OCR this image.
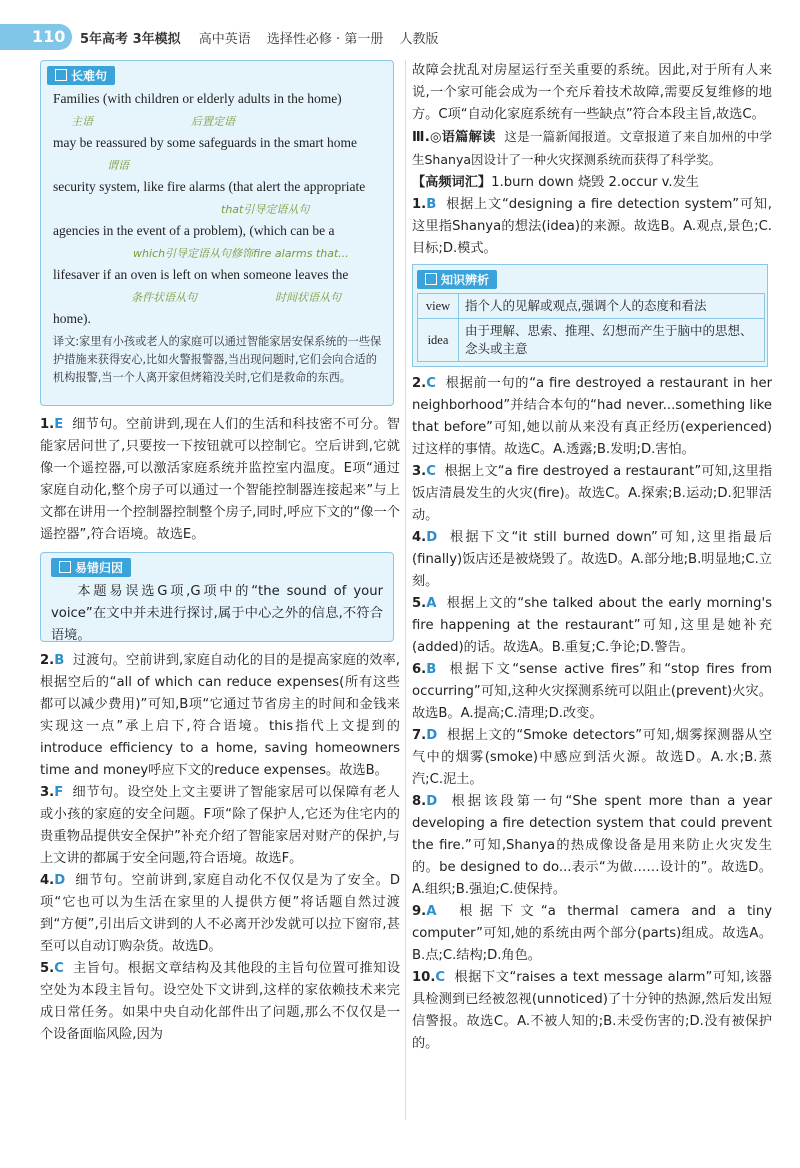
110	5年高考 3年模拟 高中英语 选择性必修 · 第一册 人教版
长难句
Families (with children or elderly adults in the home)
主语	后置定语
may be reassured by some safeguards in the smart home
谓语
security system, like fire alarms (that alert the appropriate
that引导定语从句
agencies in the event of a problem), (which can be a
which引导定语从句修饰fire alarms that...
lifesaver if an oven is left on when someone leaves the
条件状语从句	时间状语从句
home).
译文:家里有小孩或老人的家庭可以通过智能家居安保系统的一些保护措施来获得安心,比如火警报警器,当出现问题时,它们会向合适的机构报警,当一个人离开家但烤箱没关时,它们是救命的东西。

1.E 细节句。空前讲到,现在人们的生活和科技密不可分。智能家居问世了,只要按一下按钮就可以控制它。空后讲到,它就像一个遥控器,可以激活家庭系统并监控室内温度。E项“通过家庭自动化,整个房子可以通过一个智能控制器连接起来”与上文都在讲用一个控制器控制整个房子,同时,呼应下文的“像一个遥控器”,符合语境。故选E。

易错归因

本题易误选G项,G项中的“the sound of your voice”在文中并未进行探讨,属于中心之外的信息,不符合语境。

2.B 过渡句。空前讲到,家庭自动化的目的是提高家庭的效率,根据空后的“all of which can reduce expenses(所有这些都可以减少费用)”可知,B项“它通过节省房主的时间和金钱来实现这一点”承上启下,符合语境。this指代上文提到的introduce efficiency to a home, saving homeowners time and money呼应下文的reduce expenses。故选B。

3.F 细节句。设空处上文主要讲了智能家居可以保障有老人或小孩的家庭的安全问题。F项“除了保护人,它还为住宅内的贵重物品提供安全保护”补充介绍了智能家居对财产的保护,与上文讲的都属于安全问题,符合语境。故选F。

4.D 细节句。空前讲到,家庭自动化不仅仅是为了安全。D项“它也可以为生活在家里的人提供方便”将话题自然过渡到“方便”,引出后文讲到的人不必离开沙发就可以拉下窗帘,甚至可以自动订购杂货。故选D。

5.C 主旨句。根据文章结构及其他段的主旨句位置可推知设空处为本段主旨句。设空处下文讲到,这样的家依赖技术来完成日常任务。如果中央自动化部件出了问题,那么不仅仅是一个设备面临风险,因为

故障会扰乱对房屋运行至关重要的系统。因此,对于所有人来说,一个家可能会成为一个充斥着技术故障,需要反复维修的地方。C项“自动化家庭系统有一些缺点”符合本段主旨,故选C。

Ⅲ.◎语篇解读 这是一篇新闻报道。文章报道了来自加州的中学生Shanya因设计了一种火灾探测系统而获得了科学奖。

【高频词汇】1.burn down 烧毁 2.occur v.发生

1.B 根据上文“designing a fire detection system”可知,这里指Shanya的想法(idea)的来源。故选B。A.观点,景色;C.目标;D.模式。

知识辨析
view	指个人的见解或观点,强调个人的态度和看法
idea	由于理解、思索、推理、幻想而产生于脑中的思想、念头或主意

2.C 根据前一句的“a fire destroyed a restaurant in her neighborhood”并结合本句的“had never...something like that before”可知,她以前从来没有真正经历(experienced)过这样的事情。故选C。A.透露;B.发明;D.害怕。

3.C 根据上文“a fire destroyed a restaurant”可知,这里指饭店清晨发生的火灾(fire)。故选C。A.探索;B.运动;D.犯罪活动。

4.D 根据下文“it still burned down”可知,这里指最后(finally)饭店还是被烧毁了。故选D。A.部分地;B.明显地;C.立刻。

5.A 根据上文的“she talked about the early morning's fire happening at the restaurant”可知,这里是她补充(added)的话。故选A。B.重复;C.争论;D.警告。

6.B 根据下文“sense active fires”和“stop fires from occurring”可知,这种火灾探测系统可以阻止(prevent)火灾。故选B。A.提高;C.清理;D.改变。

7.D 根据上文的“Smoke detectors”可知,烟雾探测器从空气中的烟雾(smoke)中感应到活火源。故选D。A.水;B.蒸汽;C.泥土。

8.D 根据该段第一句“She spent more than a year developing a fire detection system that could prevent the fire.”可知,Shanya的热成像设备是用来防止火灾发生的。be designed to do...表示“为做……设计的”。故选D。A.组织;B.强迫;C.使保持。

9.A 根据下文“a thermal camera and a tiny computer”可知,她的系统由两个部分(parts)组成。故选A。B.点;C.结构;D.角色。

10.C 根据下文“raises a text message alarm”可知,该器具检测到已经被忽视(unnoticed)了十分钟的热源,然后发出短信警报。故选C。A.不被人知的;B.未受伤害的;D.没有被保护的。
